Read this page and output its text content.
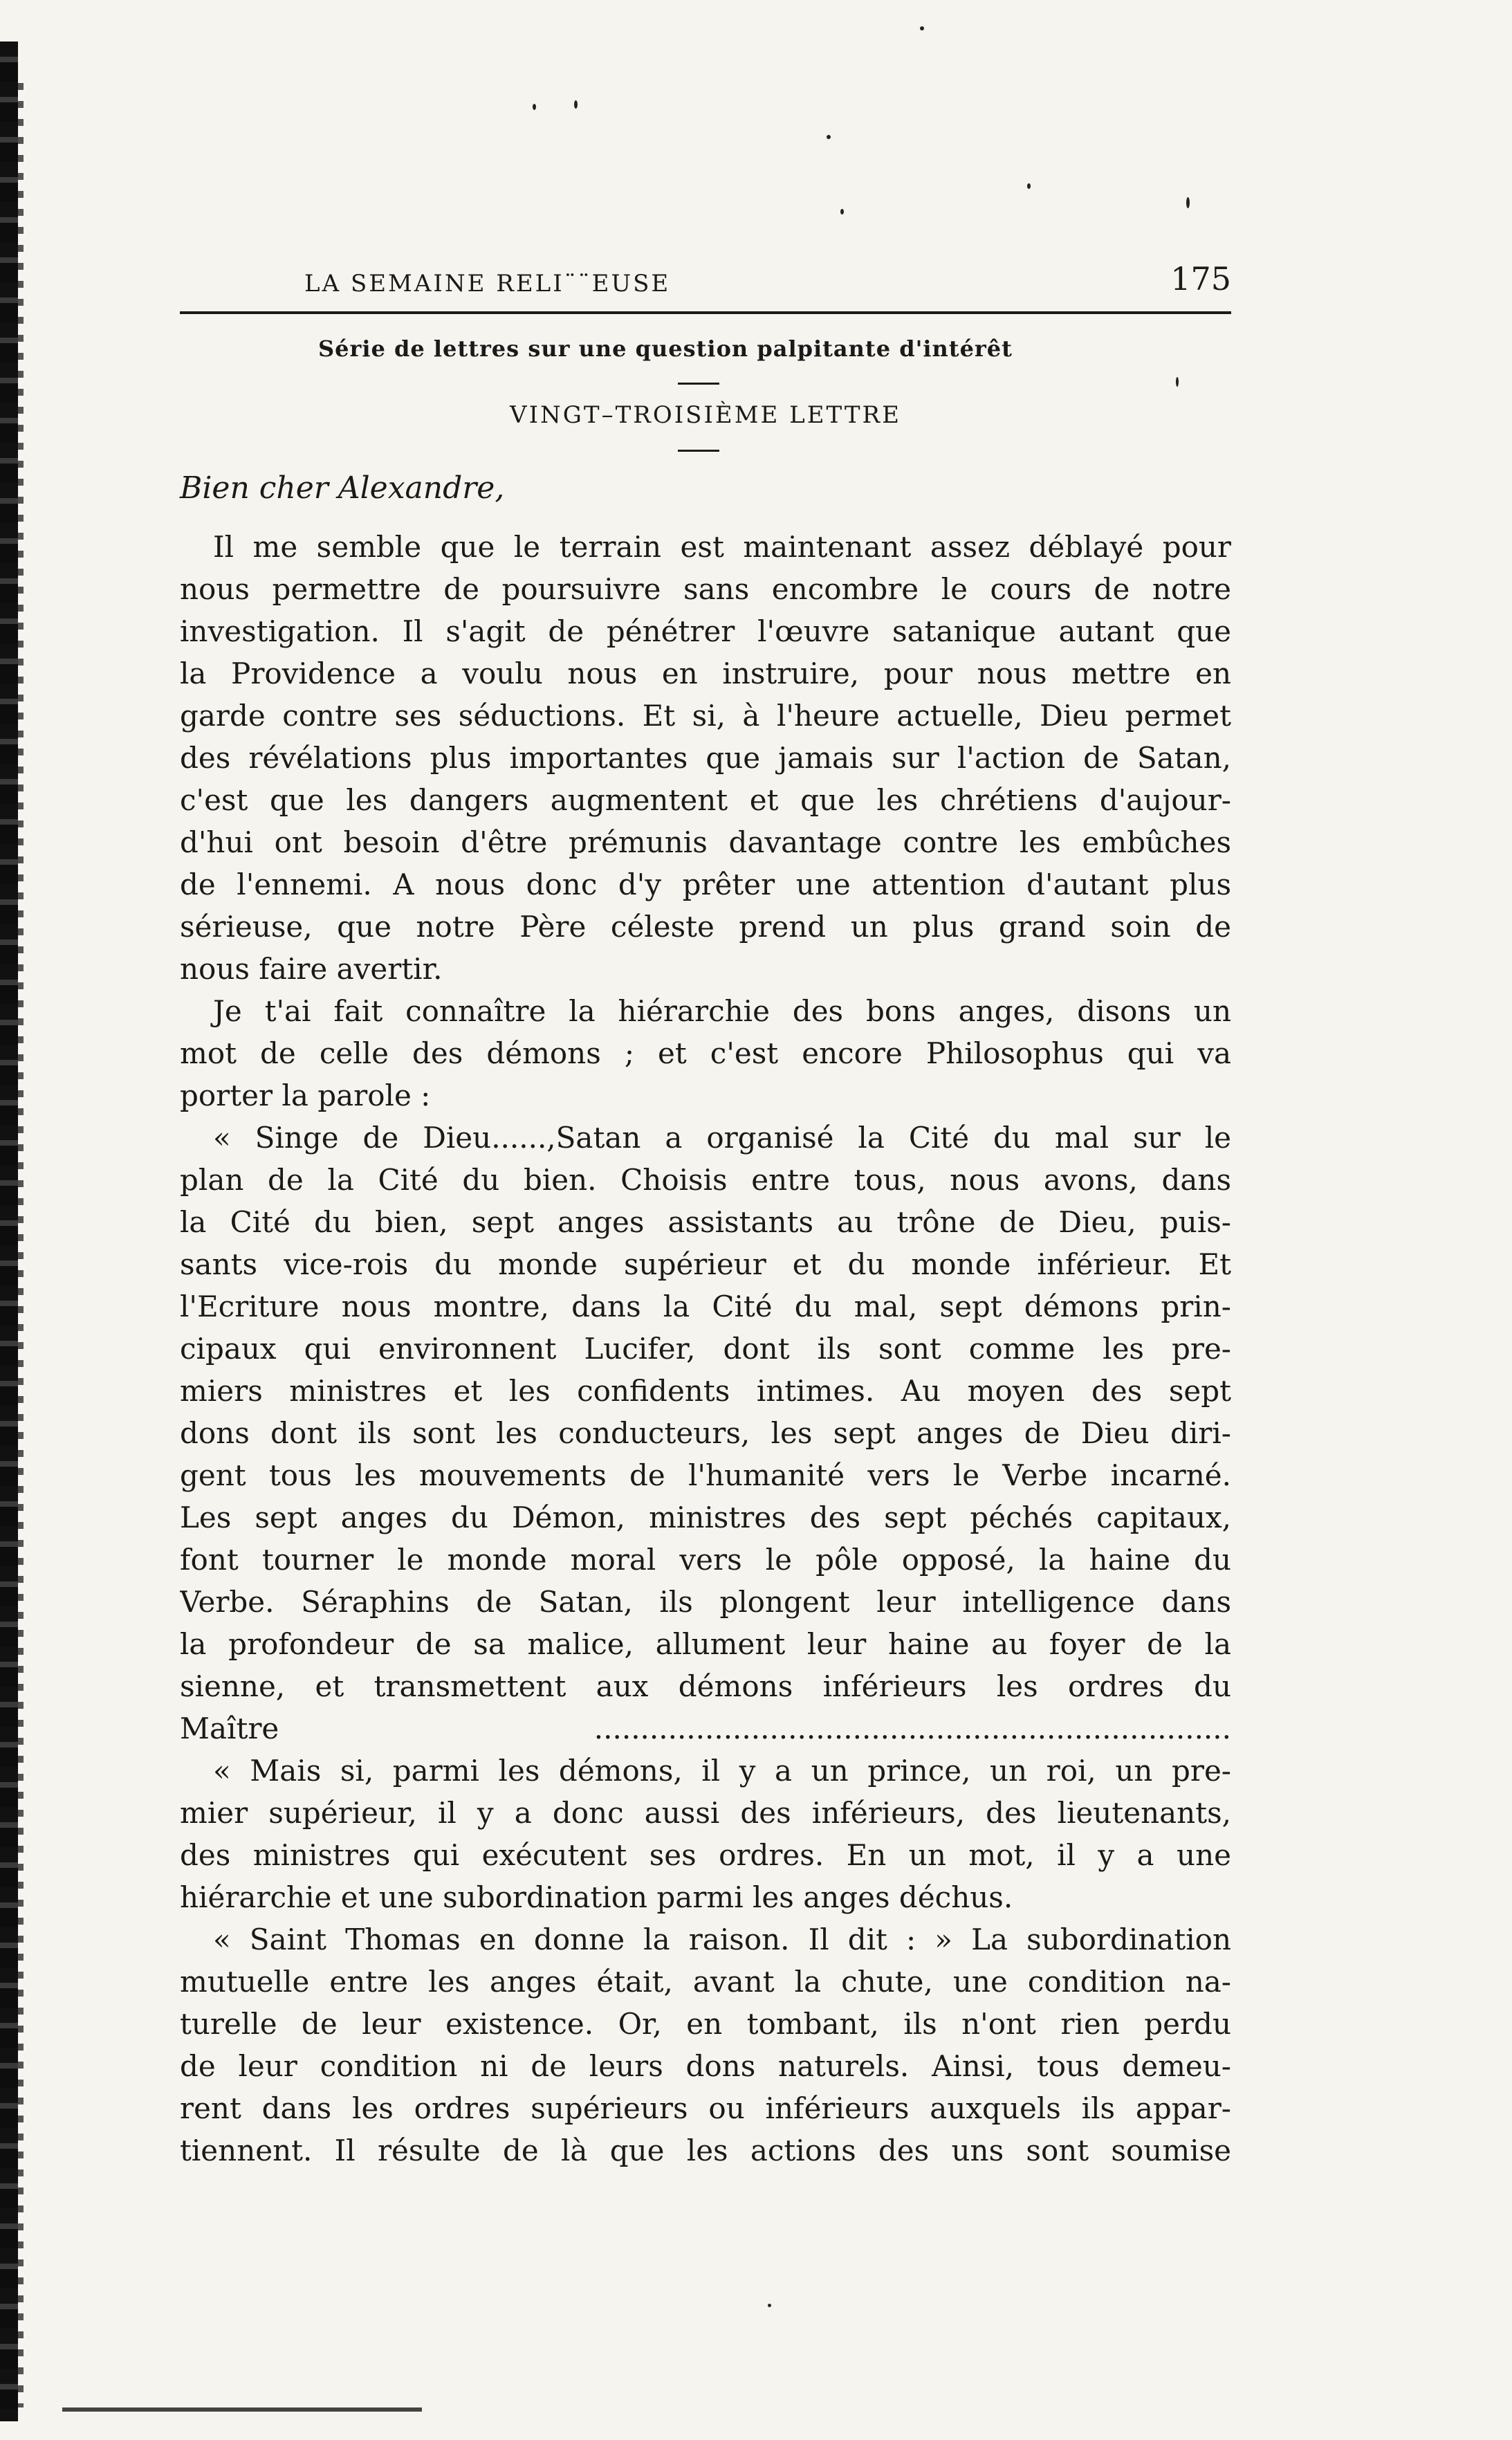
LA SEMAINE RELI¨¨EUSE	175
Série de lettres sur une question palpitante d'intérêt
VINGT–TROISIÈME LETTRE
Bien cher Alexandre,
Il me semble que le terrain est maintenant assez déblayé pour
nous permettre de poursuivre sans encombre le cours de notre
investigation. Il s'agit de pénétrer l'œuvre satanique autant que
la Providence a voulu nous en instruire, pour nous mettre en
garde contre ses séductions. Et si, à l'heure actuelle, Dieu permet
des révélations plus importantes que jamais sur l'action de Satan,
c'est que les dangers augmentent et que les chrétiens d'aujour-
d'hui ont besoin d'être prémunis davantage contre les embûches
de l'ennemi. A nous donc d'y prêter une attention d'autant plus
sérieuse, que notre Père céleste prend un plus grand soin de
nous faire avertir.
Je t'ai fait connaître la hiérarchie des bons anges, disons un
mot de celle des démons ; et c'est encore Philosophus qui va
porter la parole :
« Singe de Dieu......,Satan a organisé la Cité du mal sur le
plan de la Cité du bien. Choisis entre tous, nous avons, dans
la Cité du bien, sept anges assistants au trône de Dieu, puis-
sants vice-rois du monde supérieur et du monde inférieur. Et
l'Ecriture nous montre, dans la Cité du mal, sept démons prin-
cipaux qui environnent Lucifer, dont ils sont comme les pre-
miers ministres et les confidents intimes. Au moyen des sept
dons dont ils sont les conducteurs, les sept anges de Dieu diri-
gent tous les mouvements de l'humanité vers le Verbe incarné.
Les sept anges du Démon, ministres des sept péchés capitaux,
font tourner le monde moral vers le pôle opposé, la haine du
Verbe. Séraphins de Satan, ils plongent leur intelligence dans
la profondeur de sa malice, allument leur haine au foyer de la
sienne, et transmettent aux démons inférieurs les ordres du
Maître .....................................................................
« Mais si, parmi les démons, il y a un prince, un roi, un pre-
mier supérieur, il y a donc aussi des inférieurs, des lieutenants,
des ministres qui exécutent ses ordres. En un mot, il y a une
hiérarchie et une subordination parmi les anges déchus.
« Saint Thomas en donne la raison. Il dit : » La subordination
mutuelle entre les anges était, avant la chute, une condition na-
turelle de leur existence. Or, en tombant, ils n'ont rien perdu
de leur condition ni de leurs dons naturels. Ainsi, tous demeu-
rent dans les ordres supérieurs ou inférieurs auxquels ils appar-
tiennent. Il résulte de là que les actions des uns sont soumise
